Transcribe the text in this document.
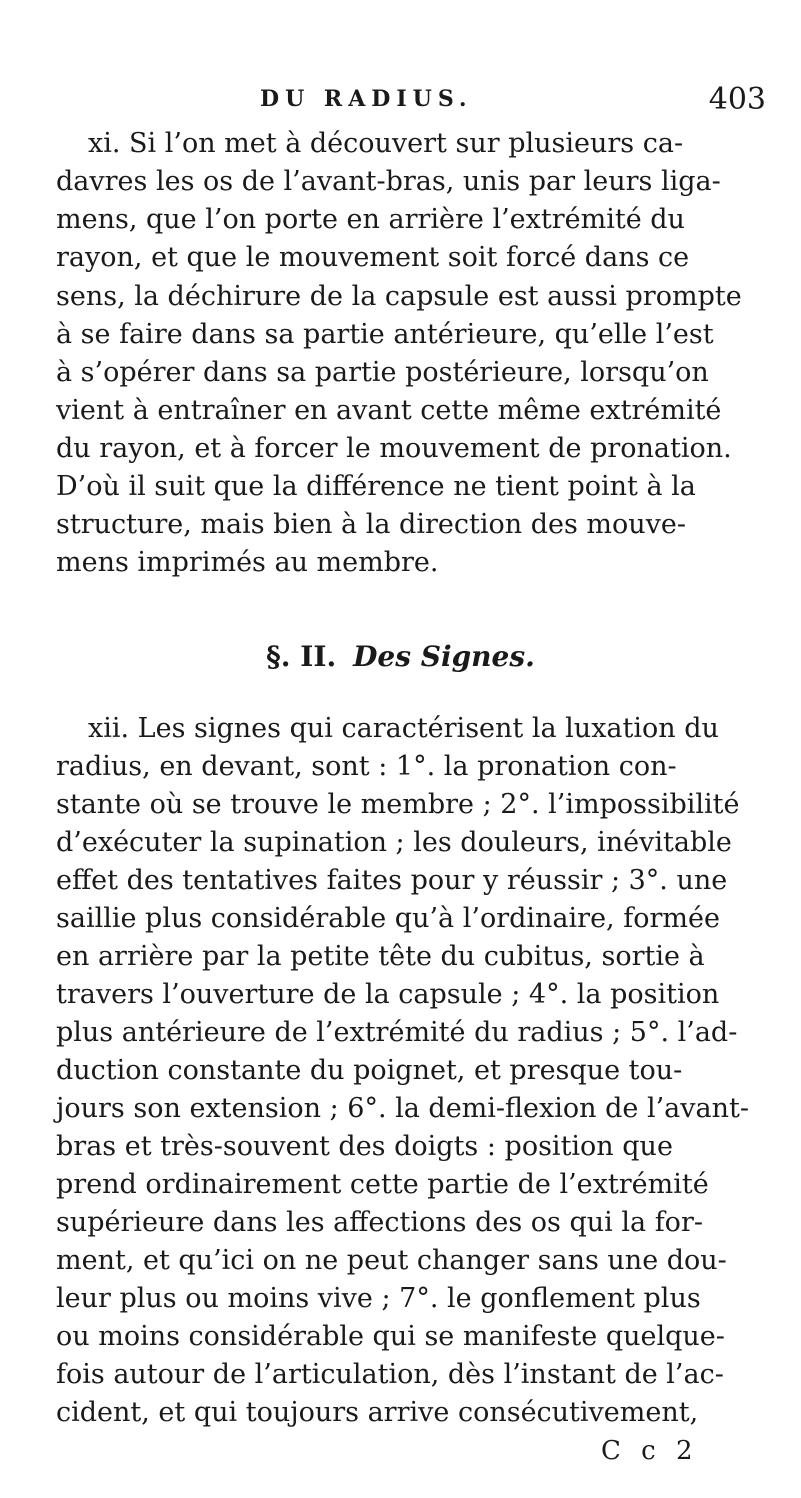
DU RADIUS.	403
xi. Si l’on met à découvert sur plusieurs ca-
davres les os de l’avant-bras, unis par leurs liga-
mens, que l’on porte en arrière l’extrémité du
rayon, et que le mouvement soit forcé dans ce
sens, la déchirure de la capsule est aussi prompte
à se faire dans sa partie antérieure, qu’elle l’est
à s’opérer dans sa partie postérieure, lorsqu’on
vient à entraîner en avant cette même extrémité
du rayon, et à forcer le mouvement de pronation.
D’où il suit que la différence ne tient point à la
structure, mais bien à la direction des mouve-
mens imprimés au membre.
§. II. Des Signes.
xii. Les signes qui caractérisent la luxation du
radius, en devant, sont : 1°. la pronation con-
stante où se trouve le membre ; 2°. l’impossibilité
d’exécuter la supination ; les douleurs, inévitable
effet des tentatives faites pour y réussir ; 3°. une
saillie plus considérable qu’à l’ordinaire, formée
en arrière par la petite tête du cubitus, sortie à
travers l’ouverture de la capsule ; 4°. la position
plus antérieure de l’extrémité du radius ; 5°. l’ad-
duction constante du poignet, et presque tou-
jours son extension ; 6°. la demi-flexion de l’avant-
bras et très-souvent des doigts : position que
prend ordinairement cette partie de l’extrémité
supérieure dans les affections des os qui la for-
ment, et qu’ici on ne peut changer sans une dou-
leur plus ou moins vive ; 7°. le gonflement plus
ou moins considérable qui se manifeste quelque-
fois autour de l’articulation, dès l’instant de l’ac-
cident, et qui toujours arrive consécutivement,
C c 2
